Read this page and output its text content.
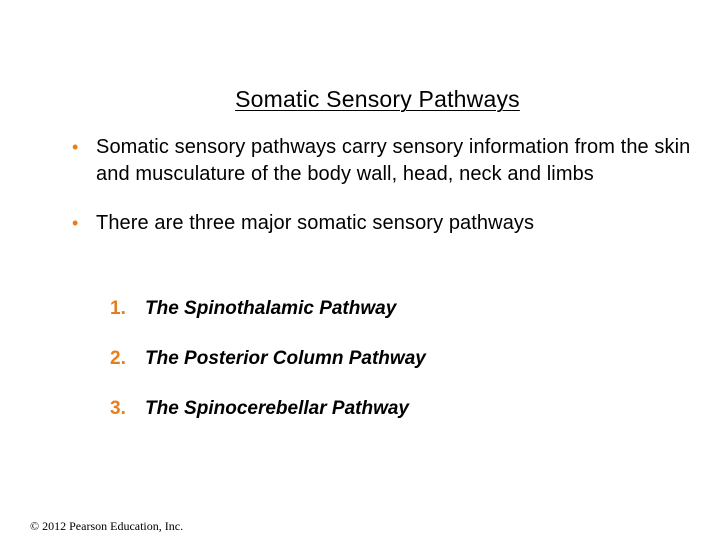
Somatic Sensory Pathways
• Somatic sensory pathways carry sensory information from the skin and musculature of the body wall, head, neck and limbs
• There are three major somatic sensory pathways
1. The Spinothalamic Pathway
2. The Posterior Column Pathway
3. The Spinocerebellar Pathway
© 2012 Pearson Education, Inc.
